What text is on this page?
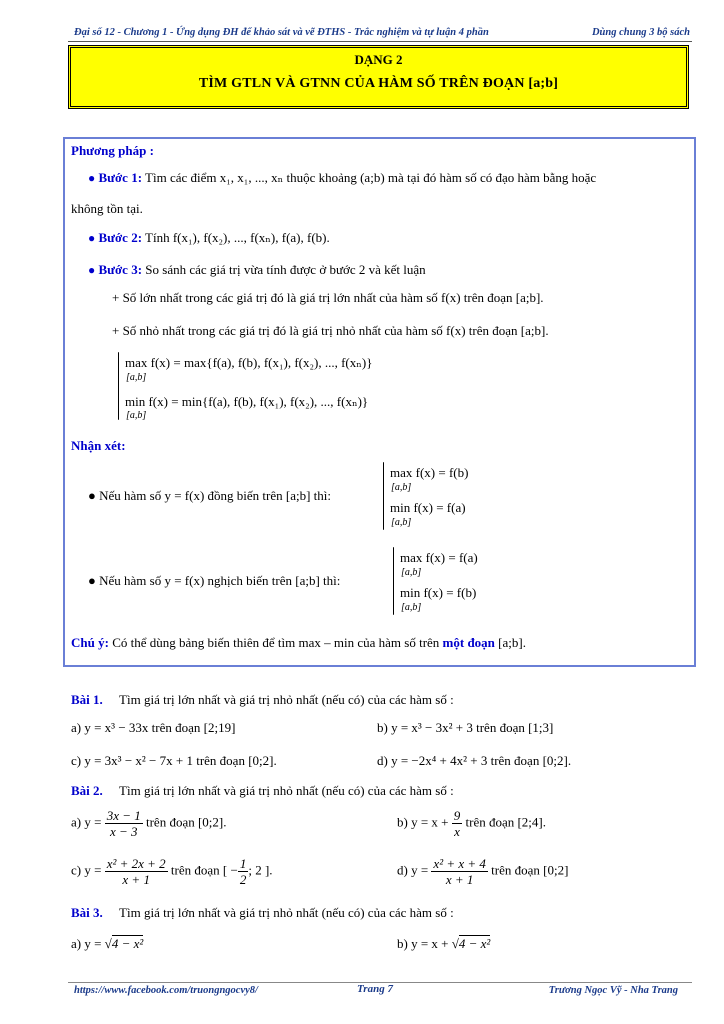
Đại số 12 - Chương 1 - Ứng dụng ĐH để khảo sát và vẽ ĐTHS - Trắc nghiệm và tự luận 4 phần	Dùng chung 3 bộ sách
DẠNG 2
TÌM GTLN VÀ GTNN CỦA HÀM SỐ TRÊN ĐOẠN [a;b]
Phương pháp :
● Bước 1: Tìm các điểm x₁, x₁, ..., xₙ thuộc khoảng (a;b) mà tại đó hàm số có đạo hàm bằng hoặc
không tồn tại.
● Bước 2: Tính f(x₁), f(x₂), ..., f(xₙ), f(a), f(b).
● Bước 3: So sánh các giá trị vừa tính được ở bước 2 và kết luận
+ Số lớn nhất trong các giá trị đó là giá trị lớn nhất của hàm số f(x) trên đoạn [a;b].
+ Số nhỏ nhất trong các giá trị đó là giá trị nhỏ nhất của hàm số f(x) trên đoạn [a;b].
max f(x) = max{f(a), f(b), f(x₁), f(x₂), ..., f(xₙ)}
[a,b]
min f(x) = min{f(a), f(b), f(x₁), f(x₂), ..., f(xₙ)}
[a,b]
Nhận xét:
● Nếu hàm số y = f(x) đồng biến trên [a;b] thì:
max f(x) = f(b)
[a,b]
min f(x) = f(a)
[a,b]
● Nếu hàm số y = f(x) nghịch biến trên [a;b] thì:
max f(x) = f(a)
[a,b]
min f(x) = f(b)
[a,b]
Chú ý: Có thể dùng bảng biến thiên để tìm max – min của hàm số trên một đoạn [a;b].
Bài 1. Tìm giá trị lớn nhất và giá trị nhỏ nhất (nếu có) của các hàm số :
a) y = x³ − 33x trên đoạn [2;19]	b) y = x³ − 3x² + 3 trên đoạn [1;3]
c) y = 3x³ − x² − 7x + 1 trên đoạn [0;2].	d) y = −2x⁴ + 4x² + 3 trên đoạn [0;2].
Bài 2. Tìm giá trị lớn nhất và giá trị nhỏ nhất (nếu có) của các hàm số :
a) $y = \frac{3x - 1}{x - 3}$ trên đoạn [0;2].	b) $y = x + \frac{9}{x}$ trên đoạn [2;4].
c) $y = \frac{\text{x² + 2x + 2}}{x + 1}$ trên đoạn [ − $\frac{1}{2}$ ; 2 ].	d) $y = \frac{\text{x² + x + 4}}{x + 1}$ trên đoạn [0;2]
Bài 3. Tìm giá trị lớn nhất và giá trị nhỏ nhất (nếu có) của các hàm số :
a) y = √4 − x²	b) y = x + √4 − x²
https://www.facebook.com/truongngocvy8/	Trang 7	Trương Ngọc Vỹ - Nha Trang
